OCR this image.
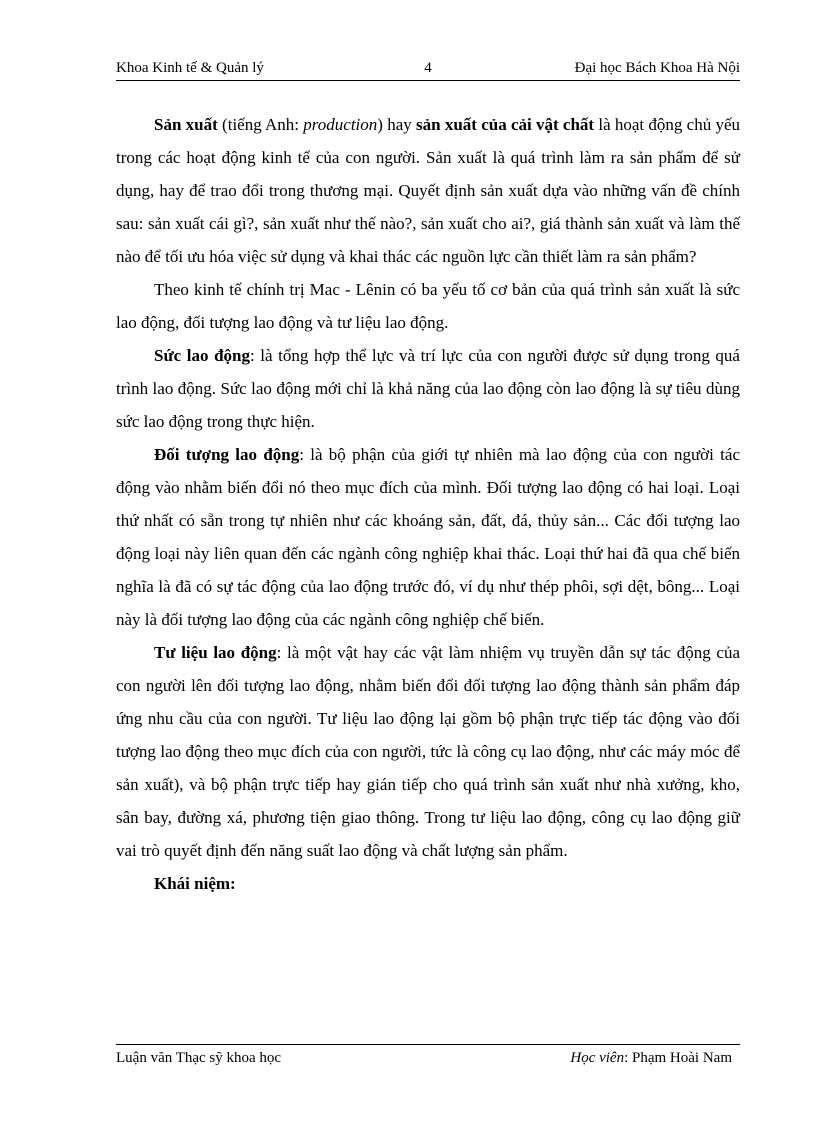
Khoa Kinh tế & Quản lý	4	Đại học Bách Khoa Hà Nội

Sản xuất (tiếng Anh: production) hay sản xuất của cải vật chất là hoạt động chủ yếu trong các hoạt động kinh tế của con người. Sản xuất là quá trình làm ra sản phẩm để sử dụng, hay để trao đổi trong thương mại. Quyết định sản xuất dựa vào những vấn đề chính sau: sản xuất cái gì?, sản xuất như thế nào?, sản xuất cho ai?, giá thành sản xuất và làm thế nào để tối ưu hóa việc sử dụng và khai thác các nguồn lực cần thiết làm ra sản phẩm?

Theo kinh tế chính trị Mac - Lênin có ba yếu tố cơ bản của quá trình sản xuất là sức lao động, đối tượng lao động và tư liệu lao động.

Sức lao động: là tổng hợp thể lực và trí lực của con người được sử dụng trong quá trình lao động. Sức lao động mới chỉ là khả năng của lao động còn lao động là sự tiêu dùng sức lao động trong thực hiện.

Đối tượng lao động: là bộ phận của giới tự nhiên mà lao động của con người tác động vào nhằm biến đổi nó theo mục đích của mình. Đối tượng lao động có hai loại. Loại thứ nhất có sẵn trong tự nhiên như các khoáng sản, đất, đá, thủy sản... Các đối tượng lao động loại này liên quan đến các ngành công nghiệp khai thác. Loại thứ hai đã qua chế biến nghĩa là đã có sự tác động của lao động trước đó, ví dụ như thép phôi, sợi dệt, bông... Loại này là đối tượng lao động của các ngành công nghiệp chế biến.

Tư liệu lao động: là một vật hay các vật làm nhiệm vụ truyền dẫn sự tác động của con người lên đối tượng lao động, nhằm biến đổi đối tượng lao động thành sản phẩm đáp ứng nhu cầu của con người. Tư liệu lao động lại gồm bộ phận trực tiếp tác động vào đối tượng lao động theo mục đích của con người, tức là công cụ lao động, như các máy móc để sản xuất), và bộ phận trực tiếp hay gián tiếp cho quá trình sản xuất như nhà xưởng, kho, sân bay, đường xá, phương tiện giao thông. Trong tư liệu lao động, công cụ lao động giữ vai trò quyết định đến năng suất lao động và chất lượng sản phẩm.

Khái niệm:

Luận văn Thạc sỹ khoa học	Học viên: Phạm Hoài Nam
